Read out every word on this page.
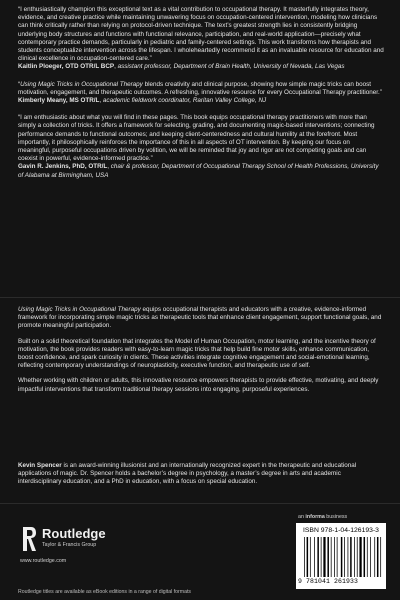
“I enthusiastically champion this exceptional text as a vital contribution to occupational therapy. It masterfully integrates theory, evidence, and creative practice while maintaining unwavering focus on occupation-centered intervention, modeling how clinicians can think critically rather than relying on protocol-driven technique. The text’s greatest strength lies in consistently bridging underlying body structures and functions with functional relevance, participation, and real-world application—precisely what contemporary practice demands, particularly in pediatric and family-centered settings. This work transforms how therapists and students conceptualize intervention across the lifespan. I wholeheartedly recommend it as an invaluable resource for education and clinical excellence in occupation-centered care.”
Kaitlin Ploeger, OTD OTR/L BCP, assistant professor, Department of Brain Health, University of Nevada, Las Vegas
“Using Magic Tricks in Occupational Therapy blends creativity and clinical purpose, showing how simple magic tricks can boost motivation, engagement, and therapeutic outcomes. A refreshing, innovative resource for every Occupational Therapy practitioner.”
Kimberly Meany, MS OTR/L, academic fieldwork coordinator, Raritan Valley College, NJ
“I am enthusiastic about what you will find in these pages. This book equips occupational therapy practitioners with more than simply a collection of tricks. It offers a framework for selecting, grading, and documenting magic-based interventions; connecting performance demands to functional outcomes; and keeping client-centeredness and cultural humility at the forefront. Most importantly, it philosophically reinforces the importance of this in all aspects of OT intervention. By keeping our focus on meaningful, purposeful occupations driven by volition, we will be reminded that joy and rigor are not competing goals and can coexist in powerful, evidence-informed practice.”
Gavin R. Jenkins, PhD, OTR/L, chair & professor, Department of Occupational Therapy School of Health Professions, University of Alabama at Birmingham, USA

Using Magic Tricks in Occupational Therapy equips occupational therapists and educators with a creative, evidence-informed framework for incorporating simple magic tricks as therapeutic tools that enhance client engagement, support functional goals, and promote meaningful participation.

Built on a solid theoretical foundation that integrates the Model of Human Occupation, motor learning, and the incentive theory of motivation, the book provides readers with easy-to-learn magic tricks that help build fine motor skills, enhance communication, boost confidence, and spark curiosity in clients. These activities integrate cognitive engagement and social-emotional learning, reflecting contemporary understandings of neuroplasticity, executive function, and therapeutic use of self.

Whether working with children or adults, this innovative resource empowers therapists to provide effective, motivating, and deeply impactful interventions that transform traditional therapy sessions into engaging, purposeful experiences.

Kevin Spencer is an award-winning illusionist and an internationally recognized expert in the therapeutic and educational applications of magic. Dr. Spencer holds a bachelor’s degree in psychology, a master’s degree in arts and academic interdisciplinary education, and a PhD in education, with a focus on special education.
Routledge
Taylor & Francis Group
www.routledge.com
an informa business
ISBN 978-1-04-126193-3
9 781041 261933
Routledge titles are available as eBook editions in a range of digital formats
